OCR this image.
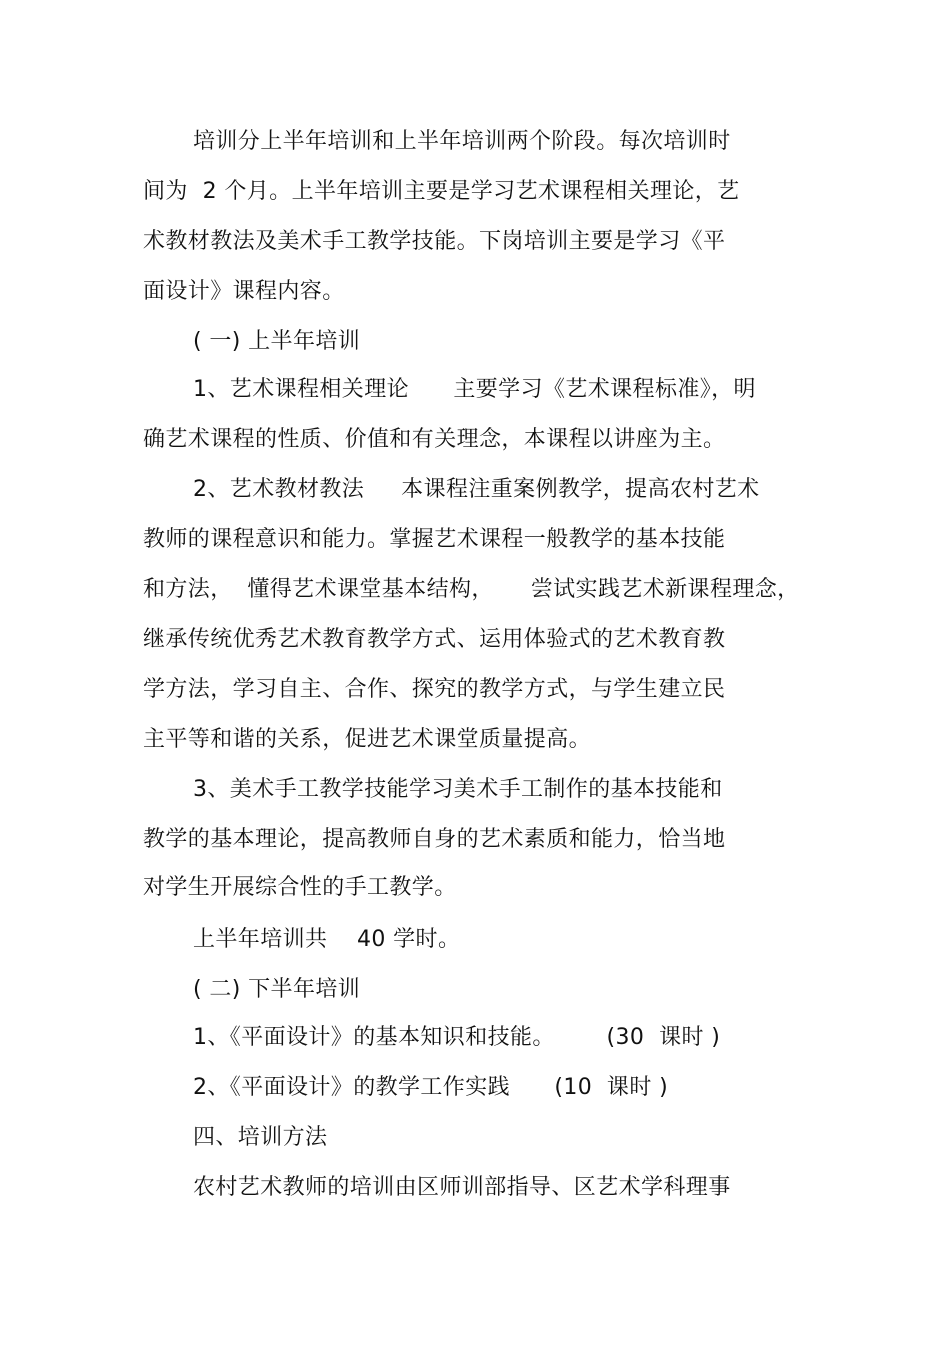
培训分上半年培训和上半年培训两个阶段。每次培训时
间为  2 个月。上半年培训主要是学习艺术课程相关理论，艺
术教材教法及美术手工教学技能。下岗培训主要是学习《平
面设计》课程内容。
( 一) 上半年培训
1、艺术课程相关理论      主要学习《艺术课程标准》，明
确艺术课程的性质、价值和有关理念，本课程以讲座为主。
2、艺术教材教法     本课程注重案例教学，提高农村艺术
教师的课程意识和能力。掌握艺术课程一般教学的基本技能
和方法，  懂得艺术课堂基本结构，     尝试实践艺术新课程理念，
继承传统优秀艺术教育教学方式、运用体验式的艺术教育教
学方法，学习自主、合作、探究的教学方式，与学生建立民
主平等和谐的关系，促进艺术课堂质量提高。
3、美术手工教学技能学习美术手工制作的基本技能和
教学的基本理论，提高教师自身的艺术素质和能力，恰当地
对学生开展综合性的手工教学。
上半年培训共    40 学时。
( 二) 下半年培训
1、《平面设计》的基本知识和技能。       (30  课时 )
2、《平面设计》的教学工作实践      (10  课时 )
四、培训方法
农村艺术教师的培训由区师训部指导、区艺术学科理事
